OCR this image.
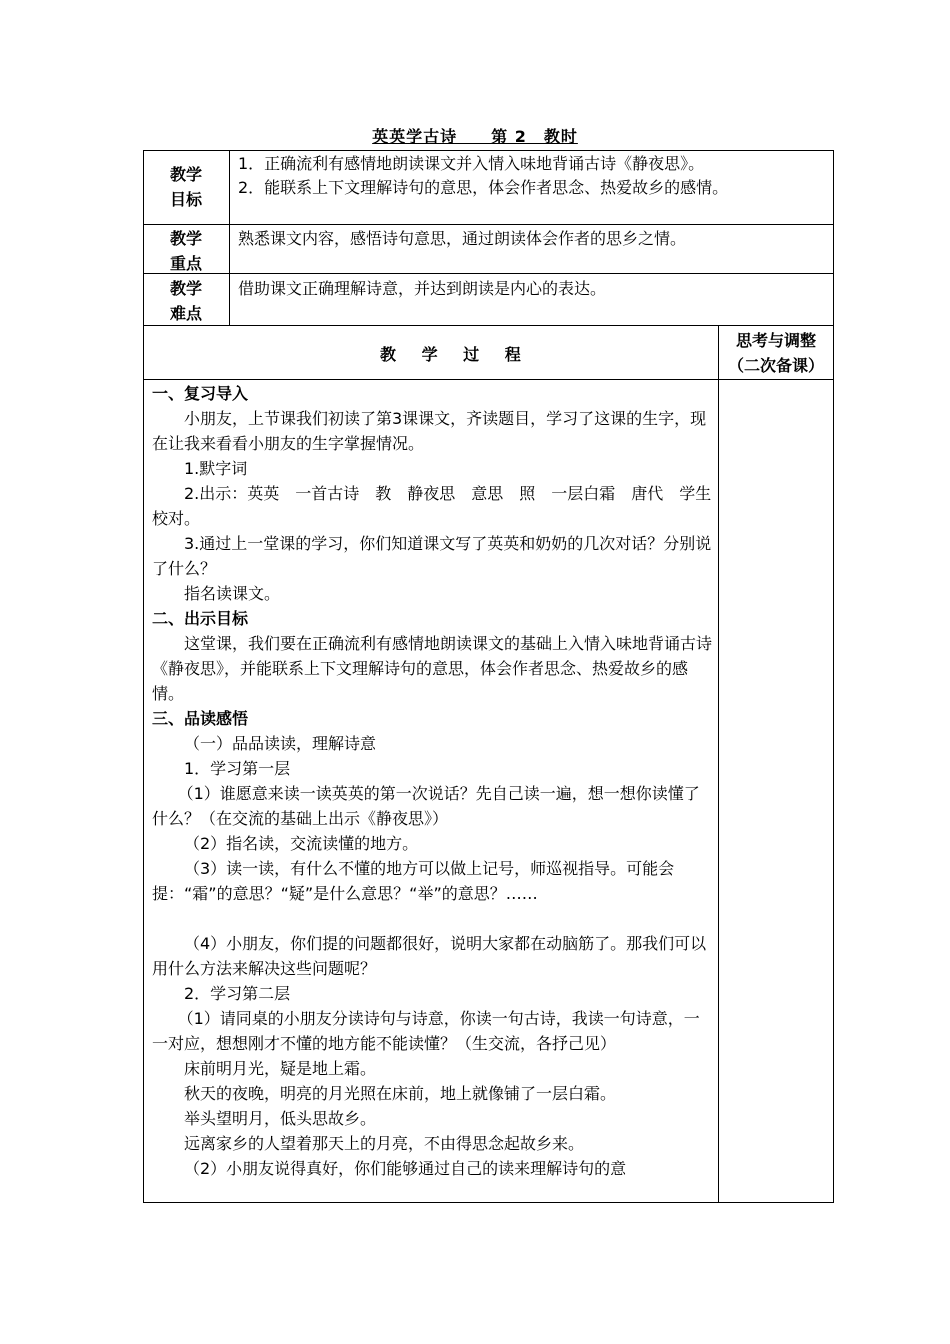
英英学古诗　　第 2　教时
教学
目标
1．正确流利有感情地朗读课文并入情入味地背诵古诗《静夜思》。
2．能联系上下文理解诗句的意思，体会作者思念、热爱故乡的感情。
教学
重点
熟悉课文内容，感悟诗句意思，通过朗读体会作者的思乡之情。
教学
难点
借助课文正确理解诗意，并达到朗读是内心的表达。
教 学 过 程
思考与调整
（二次备课）

一、复习导入

小朋友，上节课我们初读了第3课课文，齐读题目，学习了这课的生字，现在让我来看看小朋友的生字掌握情况。

1.默字词

2.出示：英英　一首古诗　教　静夜思　意思　照　一层白霜　唐代　学生校对。

3.通过上一堂课的学习，你们知道课文写了英英和奶奶的几次对话？分别说了什么？

指名读课文。

二、出示目标

这堂课，我们要在正确流利有感情地朗读课文的基础上入情入味地背诵古诗《静夜思》，并能联系上下文理解诗句的意思，体会作者思念、热爱故乡的感情。

三、品读感悟

（一）品品读读，理解诗意

1．学习第一层

（1）谁愿意来读一读英英的第一次说话？先自己读一遍，想一想你读懂了什么？（在交流的基础上出示《静夜思》）

（2）指名读，交流读懂的地方。

（3）读一读，有什么不懂的地方可以做上记号，师巡视指导。可能会提：“霜”的意思？“疑”是什么意思？“举”的意思？……

（4）小朋友，你们提的问题都很好，说明大家都在动脑筋了。那我们可以用什么方法来解决这些问题呢？

2．学习第二层

（1）请同桌的小朋友分读诗句与诗意，你读一句古诗，我读一句诗意，一一对应，想想刚才不懂的地方能不能读懂？（生交流，各抒己见）

床前明月光，疑是地上霜。

秋天的夜晚，明亮的月光照在床前，地上就像铺了一层白霜。

举头望明月，低头思故乡。

远离家乡的人望着那天上的月亮，不由得思念起故乡来。

（2）小朋友说得真好，你们能够通过自己的读来理解诗句的意
